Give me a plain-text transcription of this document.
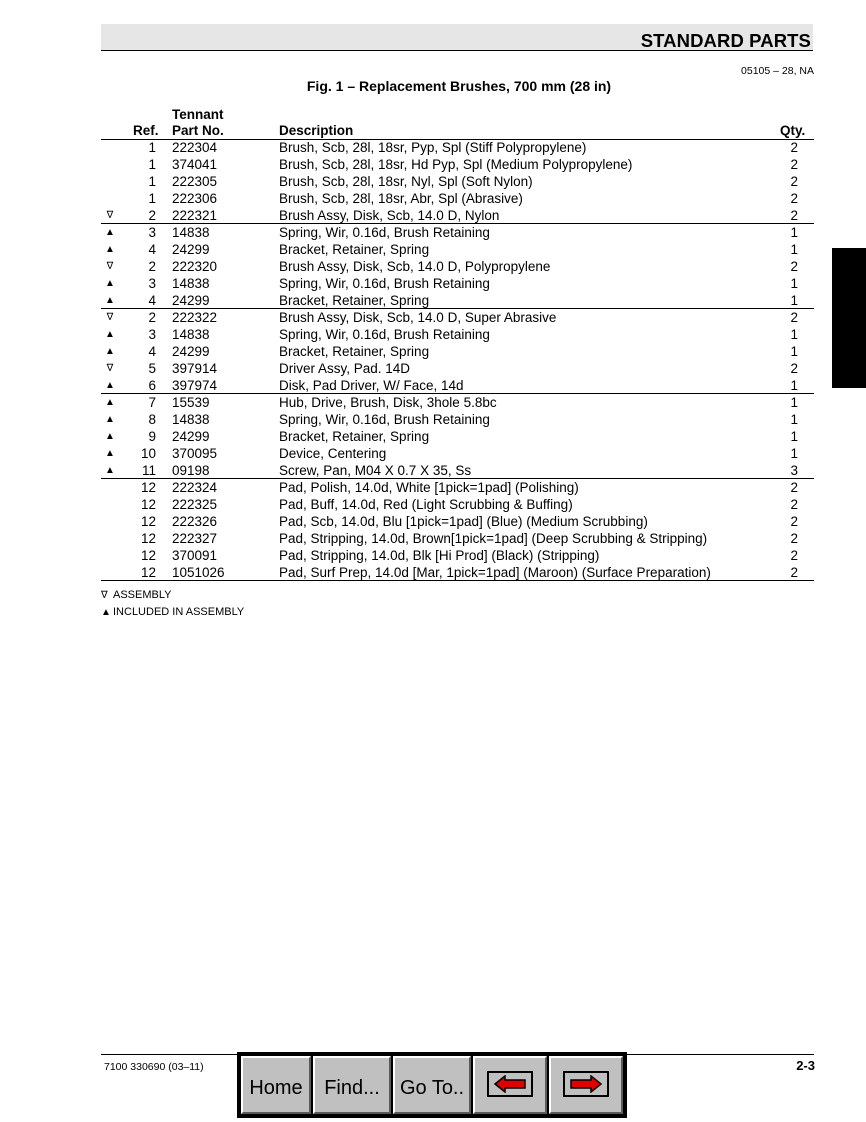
STANDARD PARTS
05105 – 28, NA
Fig. 1 – Replacement Brushes, 700 mm (28 in)
Tennant
Ref. Part No.	Description	Qty.
1 222304	Brush, Scb, 28l, 18sr, Pyp, Spl (Stiff Polypropylene)	2
1 374041	Brush, Scb, 28l, 18sr, Hd Pyp, Spl (Medium Polypropylene)	2
1 222305	Brush, Scb, 28l, 18sr, Nyl, Spl (Soft Nylon)	2
1 222306	Brush, Scb, 28l, 18sr, Abr, Spl (Abrasive)	2
∇	2 222321	Brush Assy, Disk, Scb, 14.0 D, Nylon	2
▲	3 14838	Spring, Wir, 0.16d, Brush Retaining	1
▲	4 24299	Bracket, Retainer, Spring	1
∇	2 222320	Brush Assy, Disk, Scb, 14.0 D, Polypropylene	2
▲	3 14838	Spring, Wir, 0.16d, Brush Retaining	1
▲	4 24299	Bracket, Retainer, Spring	1
∇	2 222322	Brush Assy, Disk, Scb, 14.0 D, Super Abrasive	2
▲	3 14838	Spring, Wir, 0.16d, Brush Retaining	1
▲	4 24299	Bracket, Retainer, Spring	1
∇	5 397914	Driver Assy, Pad. 14D	2
▲	6 397974	Disk, Pad Driver, W/ Face, 14d	1
▲	7 15539	Hub, Drive, Brush, Disk, 3hole 5.8bc	1
▲	8 14838	Spring, Wir, 0.16d, Brush Retaining	1
▲	9 24299	Bracket, Retainer, Spring	1
▲	10 370095	Device, Centering	1
▲	11 09198	Screw, Pan, M04 X 0.7 X 35, Ss	3
12 222324	Pad, Polish, 14.0d, White [1pick=1pad] (Polishing)	2
12 222325	Pad, Buff, 14.0d, Red (Light Scrubbing & Buffing)	2
12 222326	Pad, Scb, 14.0d, Blu [1pick=1pad] (Blue) (Medium Scrubbing)	2
12 222327	Pad, Stripping, 14.0d, Brown[1pick=1pad] (Deep Scrubbing & Stripping)	2
12 370091	Pad, Stripping, 14.0d, Blk [Hi Prod] (Black) (Stripping)	2
12 1051026	Pad, Surf Prep, 14.0d [Mar, 1pick=1pad] (Maroon) (Surface Preparation)	2
∇ ASSEMBLY
▲ INCLUDED IN ASSEMBLY
7100 330690 (03–11)	2-3
Home	Find...	Go To..
